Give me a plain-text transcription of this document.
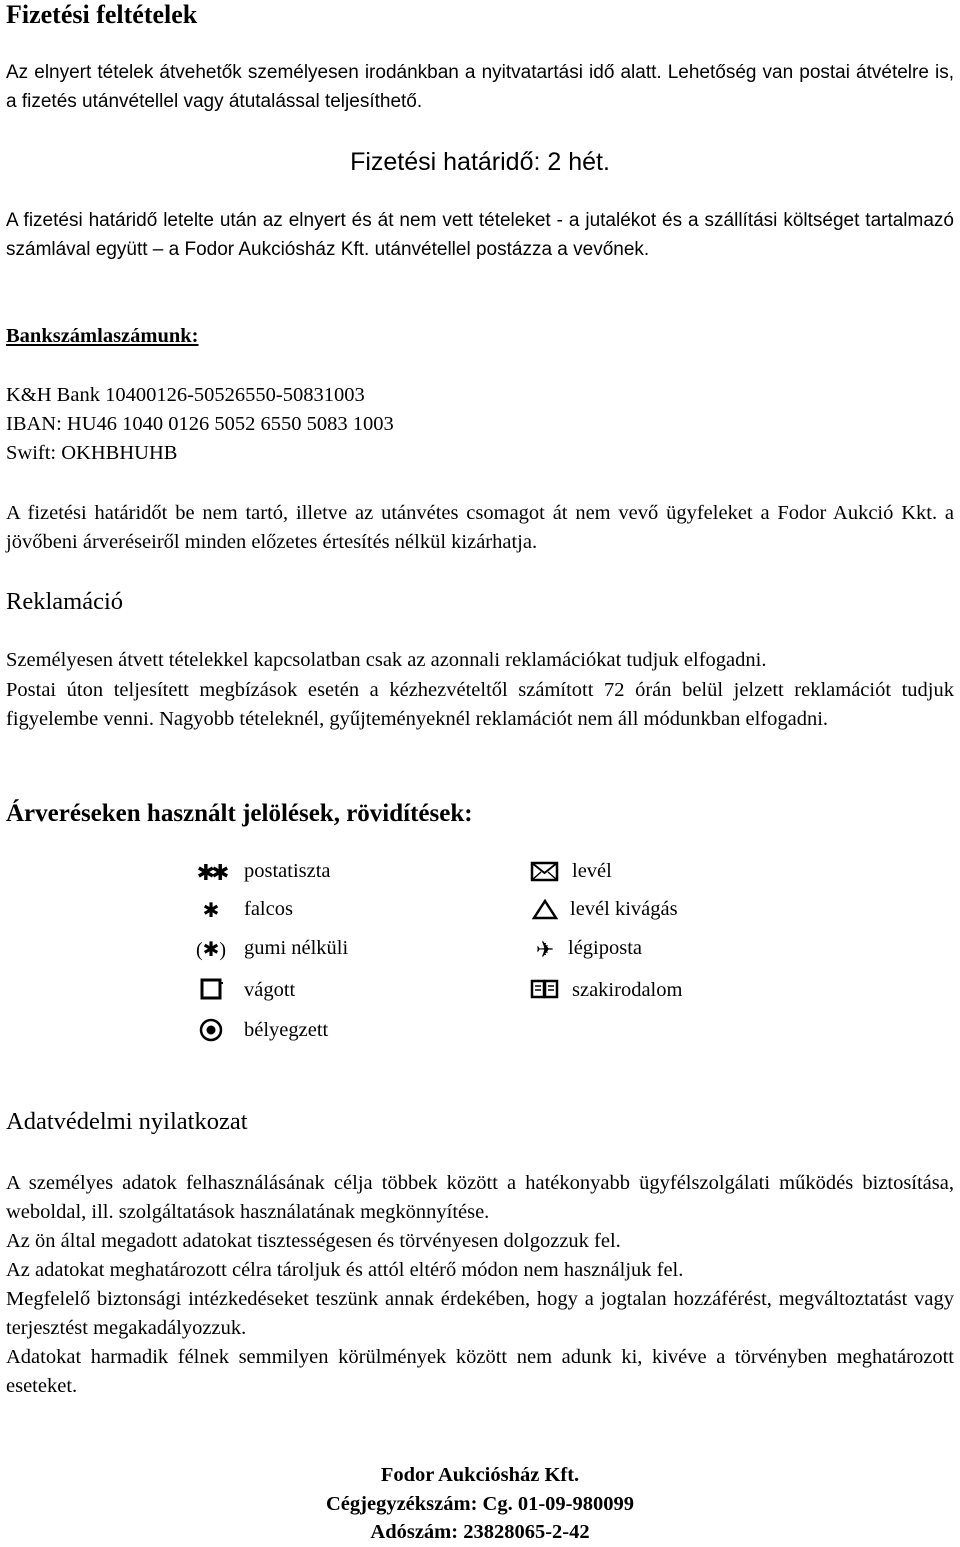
Fizetési feltételek

Az elnyert tételek átvehetők személyesen irodánkban a nyitvatartási idő alatt. Lehetőség van postai átvételre is, a fizetés utánvétellel vagy átutalással teljesíthető.

Fizetési határidő: 2 hét.

A fizetési határidő letelte után az elnyert és át nem vett tételeket - a jutalékot és a szállítási költséget tartalmazó számlával együtt – a Fodor Aukciósház Kft. utánvétellel postázza a vevőnek.

Bankszámlaszámunk:
K&H Bank 10400126-50526550-50831003
IBAN: HU46 1040 0126 5052 6550 5083 1003
Swift: OKHBHUHB

A fizetési határidőt be nem tartó, illetve az utánvétes csomagot át nem vevő ügyfeleket a Fodor Aukció Kkt. a jövőbeni árveréseiről minden előzetes értesítés nélkül kizárhatja.

Reklamáció

Személyesen átvett tételekkel kapcsolatban csak az azonnali reklamációkat tudjuk elfogadni.

Postai úton teljesített megbízások esetén a kézhezvételtől számított 72 órán belül jelzett reklamációt tudjuk figyelembe venni. Nagyobb tételeknél, gyűjteményeknél reklamációt nem áll módunkban elfogadni.

Árveréseken használt jelölések, rövidítések:
✱✱ postatiszta
✱	falcos
(✱) gumi nélküli
vágott
bélyegzett
levél
levél kivágás
✈ légiposta
szakirodalom
Adatvédelmi nyilatkozat

A személyes adatok felhasználásának célja többek között a hatékonyabb ügyfélszolgálati működés biztosítása, weboldal, ill. szolgáltatások használatának megkönnyítése.

Az ön által megadott adatokat tisztességesen és törvényesen dolgozzuk fel.

Az adatokat meghatározott célra tároljuk és attól eltérő módon nem használjuk fel.

Megfelelő biztonsági intézkedéseket teszünk annak érdekében, hogy a jogtalan hozzáférést, megváltoztatást vagy terjesztést megakadályozzuk.

Adatokat harmadik félnek semmilyen körülmények között nem adunk ki, kivéve a törvényben meghatározott eseteket.

Fodor Aukciósház Kft.
Cégjegyzékszám: Cg. 01-09-980099
Adószám: 23828065-2-42
